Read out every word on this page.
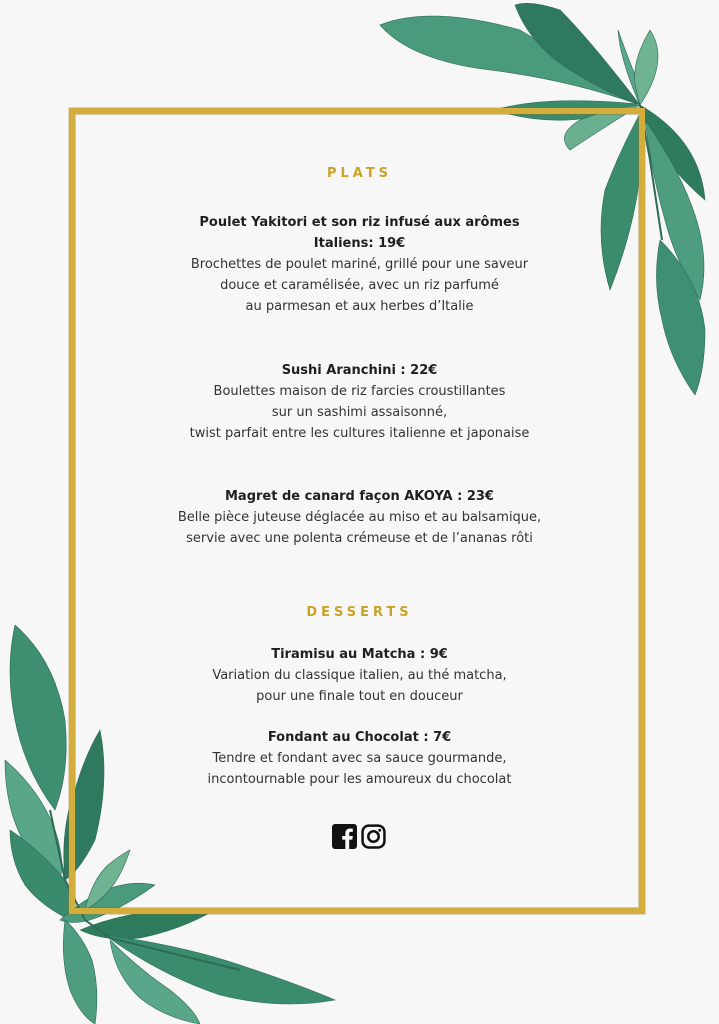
PLATS
Poulet Yakitori et son riz infusé aux arômes
Italiens: 19€
Brochettes de poulet mariné, grillé pour une saveur
douce et caramélisée, avec un riz parfumé
au parmesan et aux herbes d’Italie
Sushi Aranchini : 22€
Boulettes maison de riz farcies croustillantes
sur un sashimi assaisonné,
twist parfait entre les cultures italienne et japonaise
Magret de canard façon AKOYA : 23€
Belle pièce juteuse déglacée au miso et au balsamique,
servie avec une polenta crémeuse et de l’ananas rôti
DESSERTS
Tiramisu au Matcha : 9€
Variation du classique italien, au thé matcha,
pour une finale tout en douceur
Fondant au Chocolat : 7€
Tendre et fondant avec sa sauce gourmande,
incontournable pour les amoureux du chocolat
